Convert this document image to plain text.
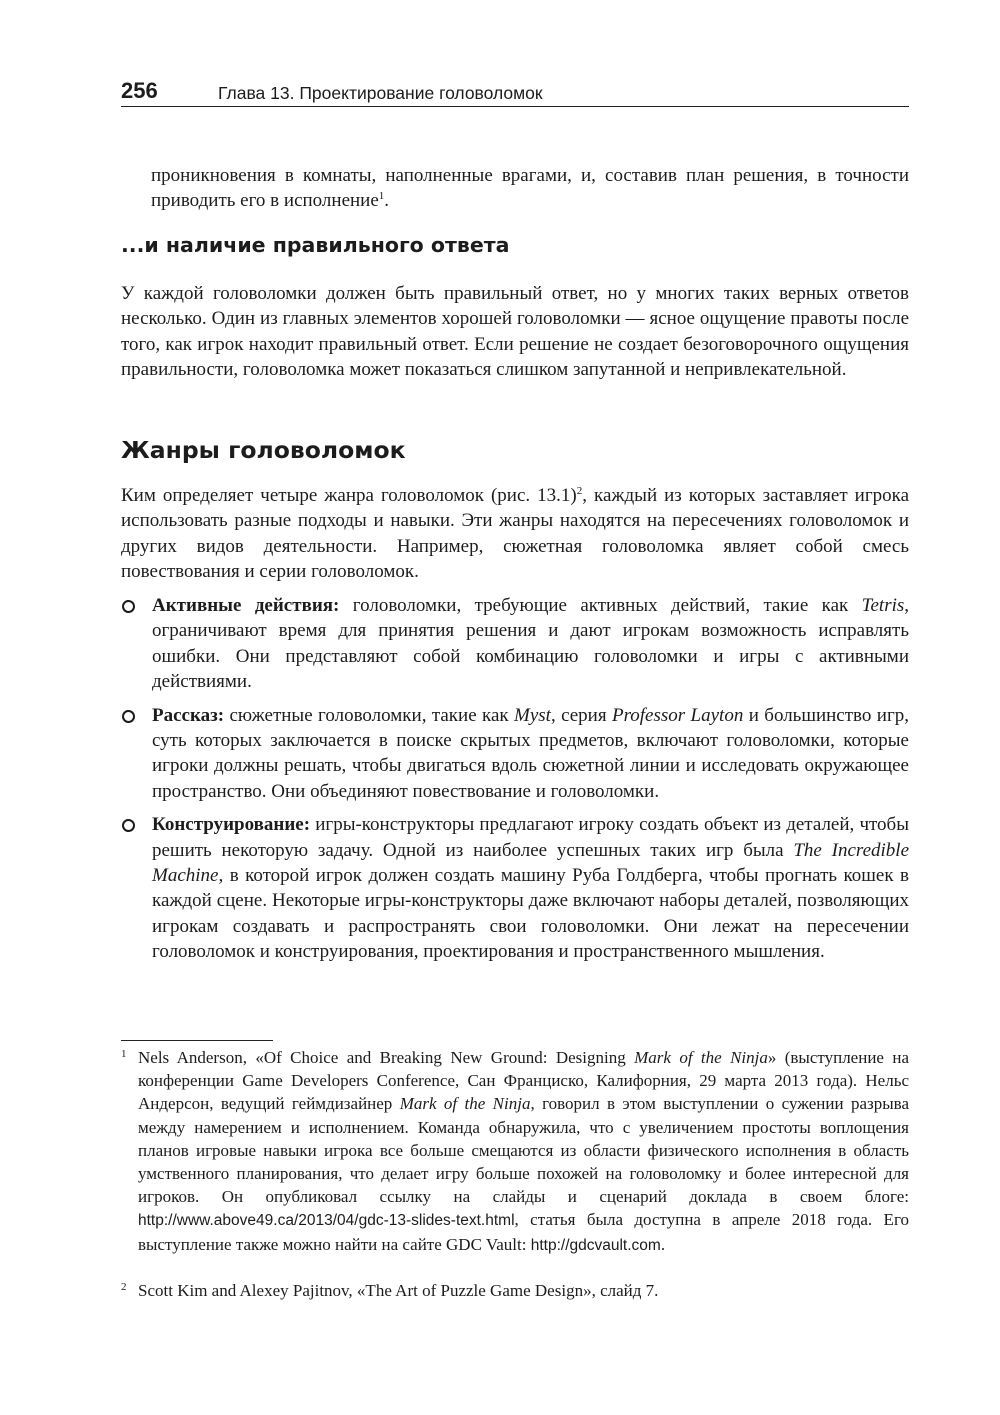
256	Глава 13. Проектирование головоломок

проникновения в комнаты, наполненные врагами, и, составив план решения, в точности приводить его в исполнение$^1$.

...и наличие правильного ответа

У каждой головоломки должен быть правильный ответ, но у многих таких верных ответов несколько. Один из главных элементов хорошей головоломки — ясное ощущение правоты после того, как игрок находит правильный ответ. Если решение не создает безоговорочного ощущения правильности, головоломка может показаться слишком запутанной и непривлекательной.

Жанры головоломок

Ким определяет четыре жанра головоломок (рис. 13.1)$^2$, каждый из которых заставляет игрока использовать разные подходы и навыки. Эти жанры находятся на пересечениях головоломок и других видов деятельности. Например, сюжетная головоломка являет собой смесь повествования и серии головоломок.

Активные действия: головоломки, требующие активных действий, такие как Tetris, ограничивают время для принятия решения и дают игрокам возможность исправлять ошибки. Они представляют собой комбинацию головоломки и игры с активными действиями.
Рассказ: сюжетные головоломки, такие как Myst, серия Professor Layton и большинство игр, суть которых заключается в поиске скрытых предметов, включают головоломки, которые игроки должны решать, чтобы двигаться вдоль сюжетной линии и исследовать окружающее пространство. Они объединяют повествование и головоломки.
Конструирование: игры-конструкторы предлагают игроку создать объект из деталей, чтобы решить некоторую задачу. Одной из наиболее успешных таких игр была The Incredible Machine, в которой игрок должен создать машину Руба Голдберга, чтобы прогнать кошек в каждой сцене. Некоторые игры-конструкторы даже включают наборы деталей, позволяющих игрокам создавать и распространять свои головоломки. Они лежат на пересечении головоломок и конструирования, проектирования и пространственного мышления.
1 Nels Anderson, «Of Choice and Breaking New Ground: Designing Mark of the Ninja» (выступление на конференции Game Developers Conference, Сан Франциско, Калифорния, 29 марта 2013 года). Нельс Андерсон, ведущий геймдизайнер Mark of the Ninja, говорил в этом выступлении о сужении разрыва между намерением и исполнением. Команда обнаружила, что с увеличением простоты воплощения планов игровые навыки игрока все больше смещаются из области физического исполнения в область умственного планирования, что делает игру больше похожей на головоломку и более интересной для игроков. Он опубликовал ссылку на слайды и сценарий доклада в своем блоге: http://www.above49.ca/2013/04/gdc-13-slides-text.html, статья была доступна в апреле 2018 года. Его выступление также можно найти на сайте GDC Vault: http://gdcvault.com.
2 Scott Kim and Alexey Pajitnov, «The Art of Puzzle Game Design», слайд 7.
